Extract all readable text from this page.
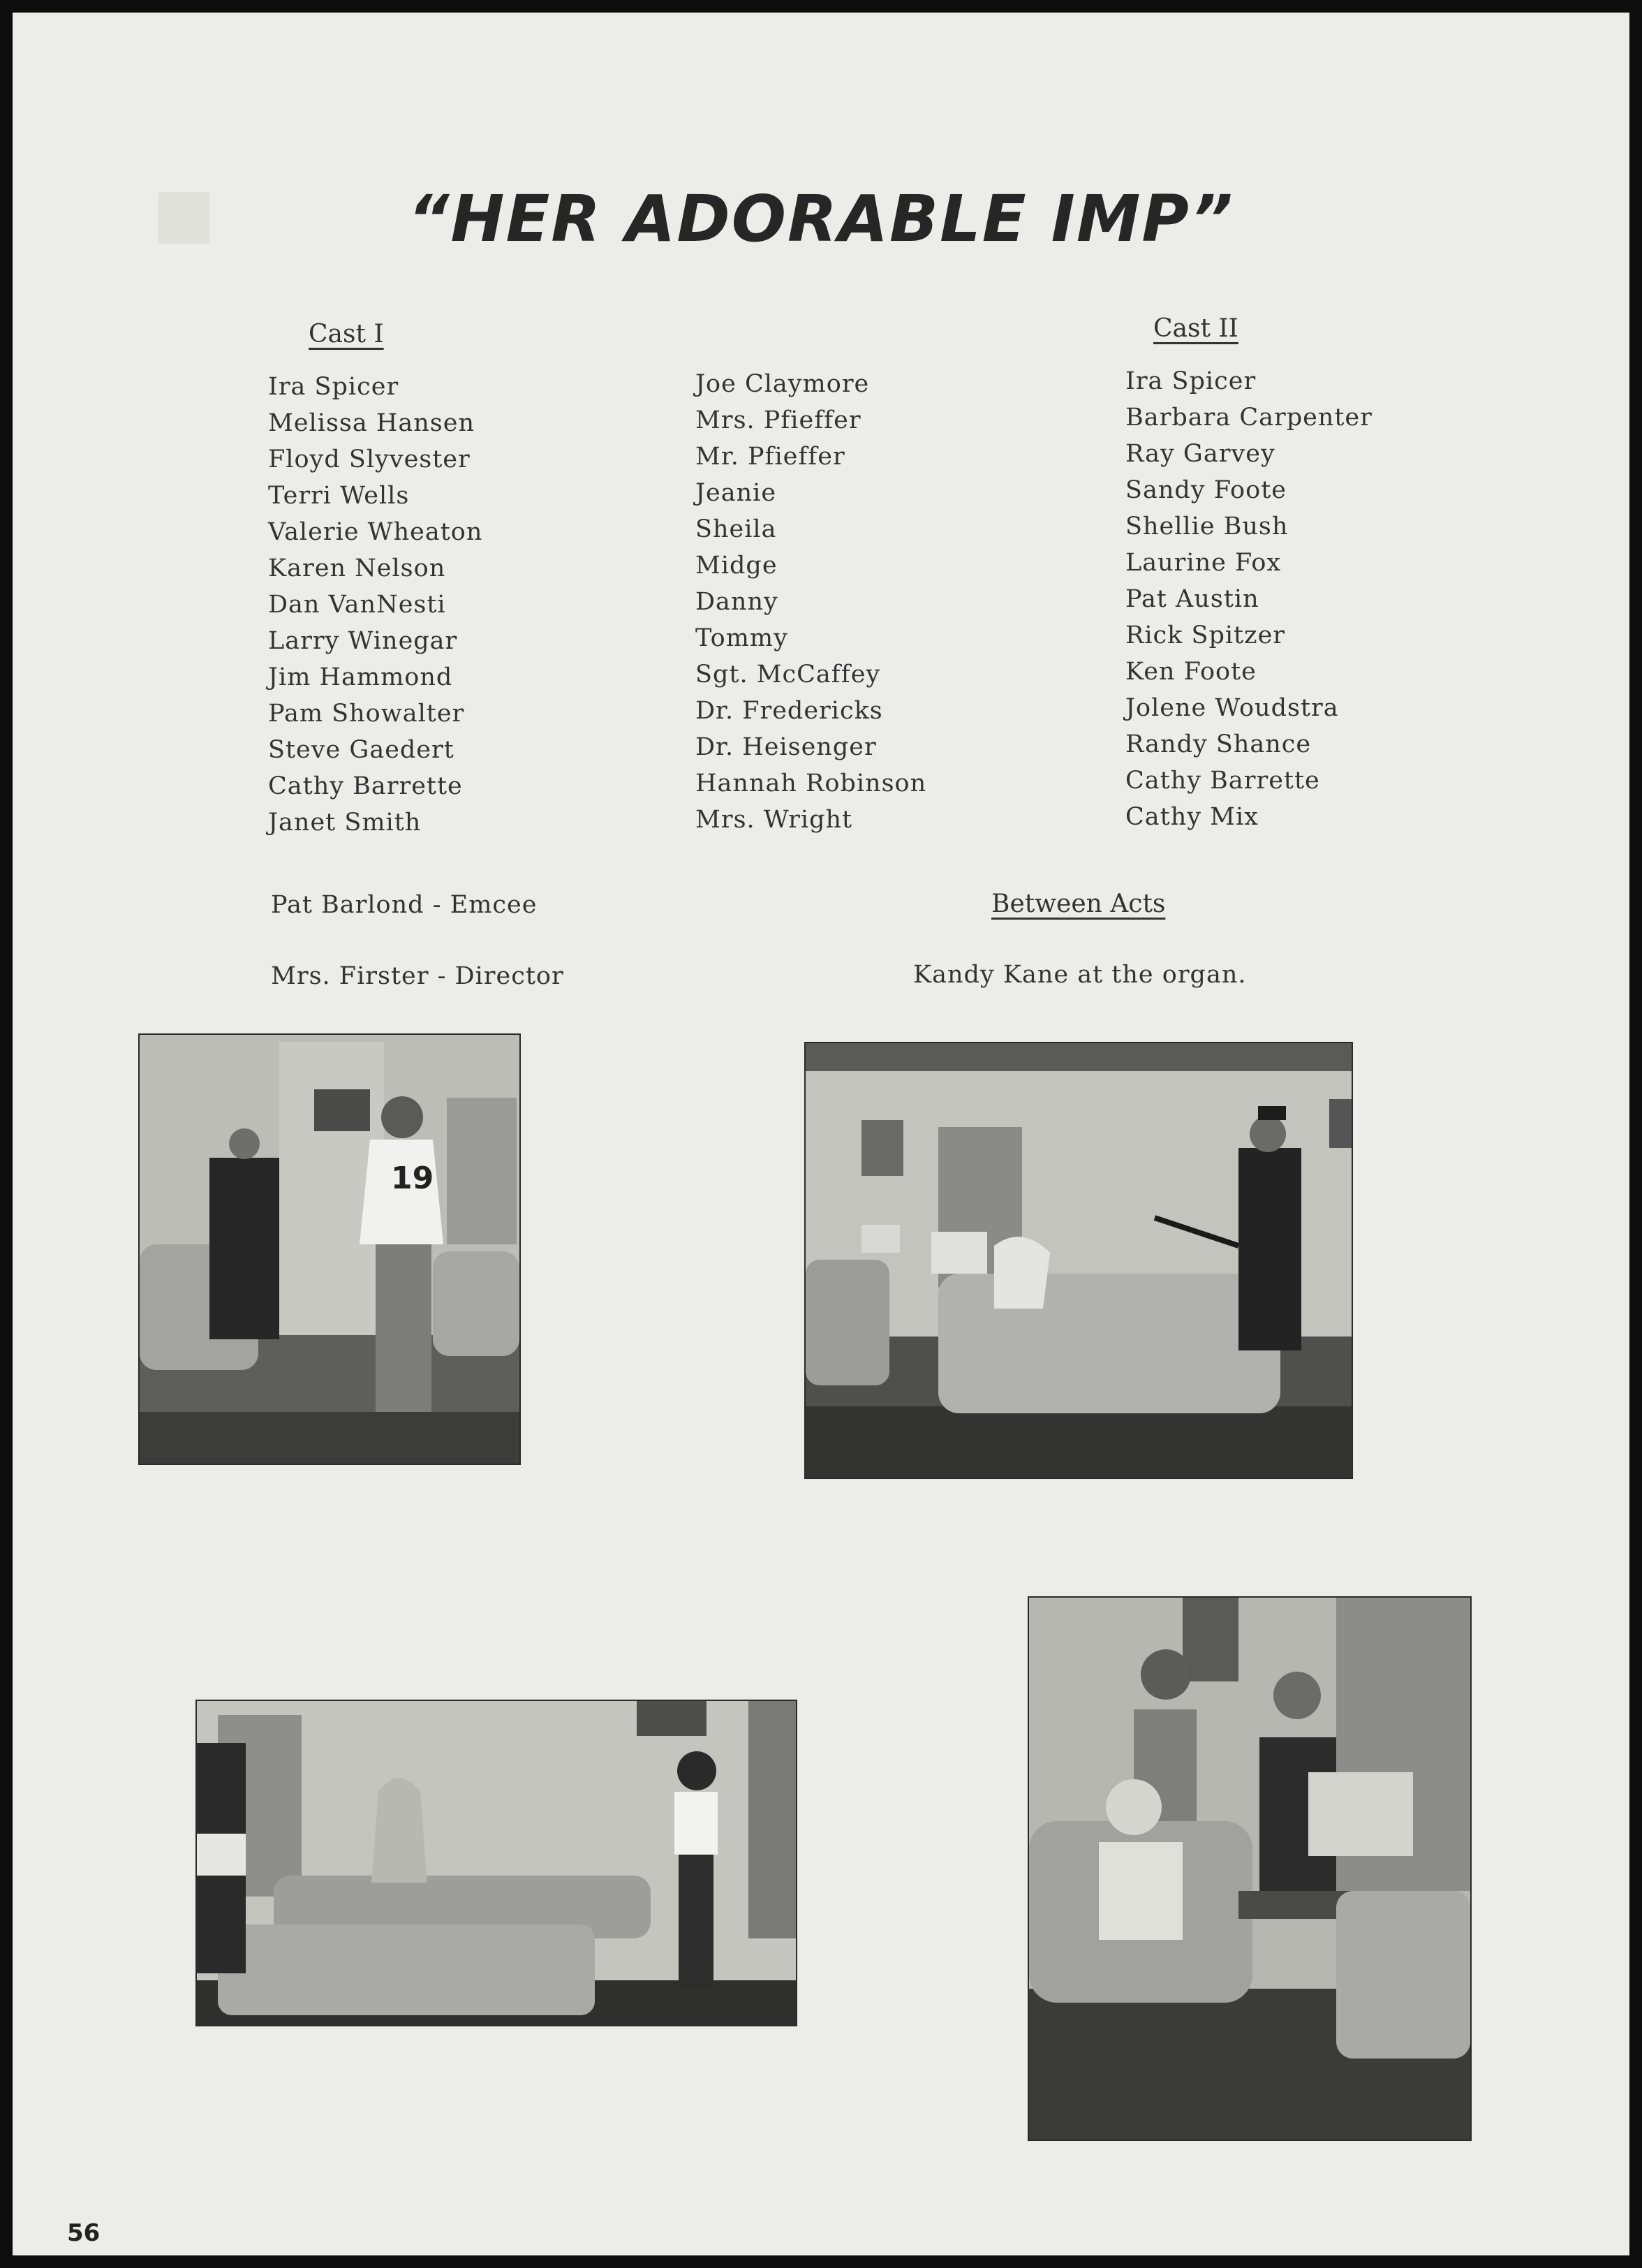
■	“HER ADORABLE IMP”
Cast I	Cast II
Ira Spicer
Melissa Hansen
Floyd Slyvester
Terri Wells
Valerie Wheaton
Karen Nelson
Dan VanNesti
Larry Winegar
Jim Hammond
Pam Showalter
Steve Gaedert
Cathy Barrette
Janet Smith
Joe Claymore
Mrs. Pfieffer
Mr. Pfieffer
Jeanie
Sheila
Midge
Danny
Tommy
Sgt. McCaffey
Dr. Fredericks
Dr. Heisenger
Hannah Robinson
Mrs. Wright
Ira Spicer
Barbara Carpenter
Ray Garvey
Sandy Foote
Shellie Bush
Laurine Fox
Pat Austin
Rick Spitzer
Ken Foote
Jolene Woudstra
Randy Shance
Cathy Barrette
Cathy Mix
Pat Barlond - Emcee
Mrs. Firster - Director
Between Acts
Kandy Kane at the organ.
19
56
